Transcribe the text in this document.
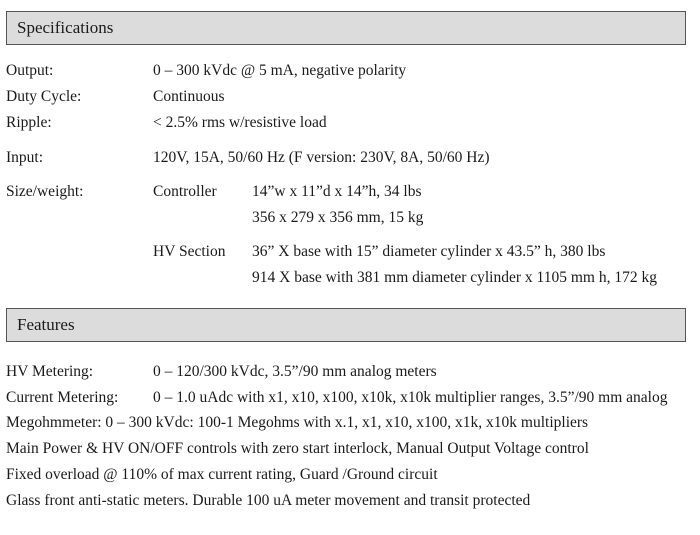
Specifications
Output:	0 – 300 kVdc @ 5 mA, negative polarity
Duty Cycle:	Continuous
Ripple:	< 2.5% rms w/resistive load
Input:	120V, 15A, 50/60 Hz (F version: 230V, 8A, 50/60 Hz)
Size/weight:	Controller 14”w x 11”d x 14”h, 34 lbs
356 x 279 x 356 mm, 15 kg
HV Section 36” X base with 15” diameter cylinder x 43.5” h, 380 lbs
914 X base with 381 mm diameter cylinder x 1105 mm h, 172 kg
Features
HV Metering:	0 – 120/300 kVdc, 3.5”/90 mm analog meters
Current Metering: 0 – 1.0 uAdc with x1, x10, x100, x10k, x10k multiplier ranges, 3.5”/90 mm analog
Megohmmeter: 0 – 300 kVdc: 100-1 Megohms with x.1, x1, x10, x100, x1k, x10k multipliers
Main Power & HV ON/OFF controls with zero start interlock, Manual Output Voltage control
Fixed overload @ 110% of max current rating, Guard /Ground circuit
Glass front anti-static meters. Durable 100 uA meter movement and transit protected
